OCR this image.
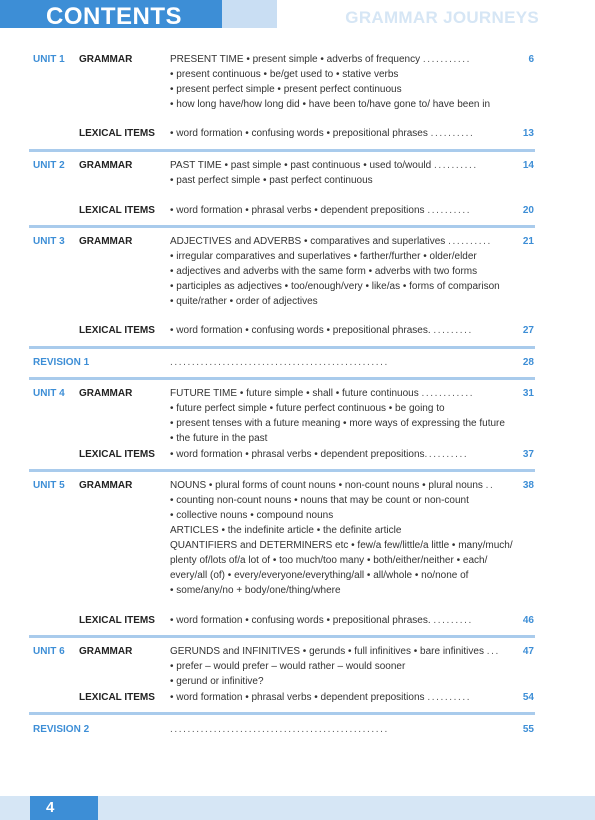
CONTENTS	GRAMMAR JOURNEYS
UNIT 1 GRAMMAR	PRESENT TIME • present simple • adverbs of frequency ...........	6
• present continuous • be/get used to • stative verbs
• present perfect simple • present perfect continuous
• how long have/how long did • have been to/have gone to/ have been in
LEXICAL ITEMS • word formation • confusing words • prepositional phrases ..........	13
UNIT 2 GRAMMAR	PAST TIME • past simple • past continuous • used to/would ..........	14
• past perfect simple • past perfect continuous
LEXICAL ITEMS • word formation • phrasal verbs • dependent prepositions ..........	20
UNIT 3 GRAMMAR	ADJECTIVES and ADVERBS • comparatives and superlatives ..........	21
• irregular comparatives and superlatives • farther/further • older/elder
• adjectives and adverbs with the same form • adverbs with two forms
• participles as adjectives • too/enough/very • like/as • forms of comparison
• quite/rather • order of adjectives
LEXICAL ITEMS • word formation • confusing words • prepositional phrases. .........	27
REVISION 1	..................................................	28
UNIT 4 GRAMMAR	FUTURE TIME • future simple • shall • future continuous ............	31
• future perfect simple • future perfect continuous • be going to
• present tenses with a future meaning • more ways of expressing the future
• the future in the past
LEXICAL ITEMS • word formation • phrasal verbs • dependent prepositions..........	37
UNIT 5 GRAMMAR	NOUNS • plural forms of count nouns • non-count nouns • plural nouns ..	38
• counting non-count nouns • nouns that may be count or non-count
• collective nouns • compound nouns
ARTICLES • the indefinite article • the definite article
QUANTIFIERS and DETERMINERS etc • few/a few/little/a little • many/much/
plenty of/lots of/a lot of • too much/too many • both/either/neither • each/
every/all (of) • every/everyone/everything/all • all/whole • no/none of
• some/any/no + body/one/thing/where
LEXICAL ITEMS • word formation • confusing words • prepositional phrases. .........	46
UNIT 6 GRAMMAR	GERUNDS and INFINITIVES • gerunds • full infinitives • bare infinitives ... 47
• prefer – would prefer – would rather – would sooner
• gerund or infinitive?
LEXICAL ITEMS • word formation • phrasal verbs • dependent prepositions ..........	54
REVISION 2	..................................................	55
4
